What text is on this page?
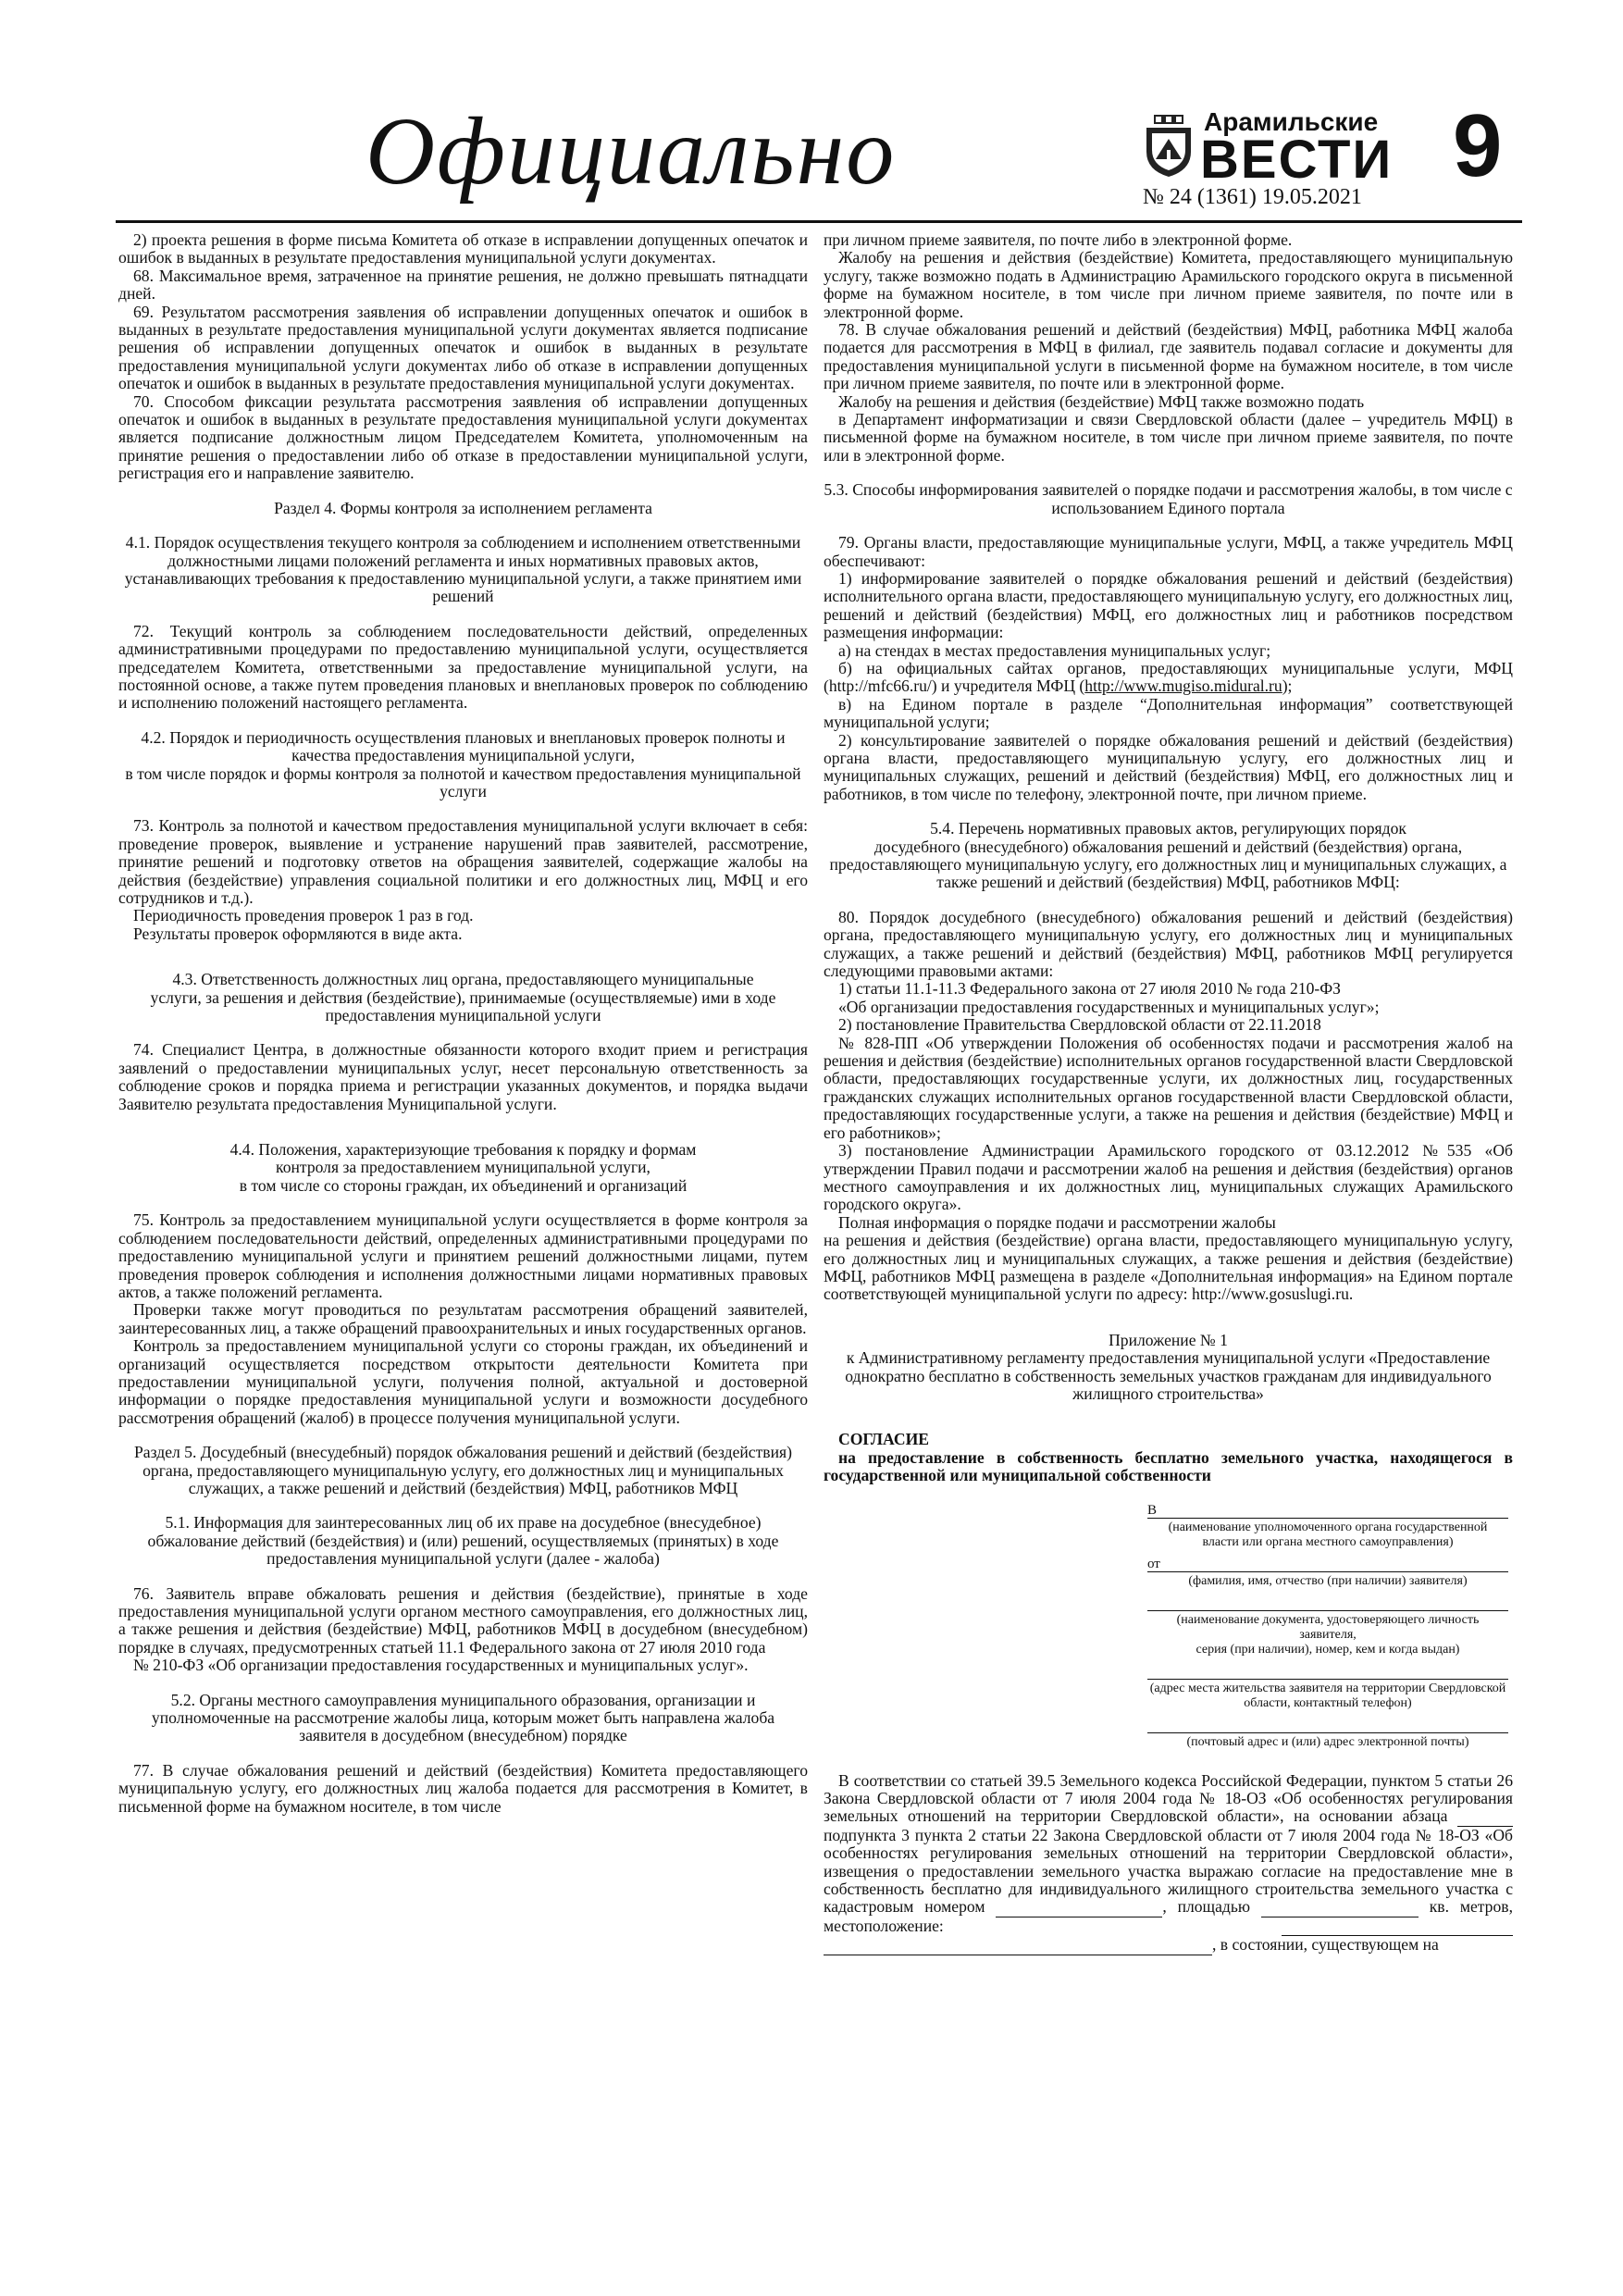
Официально	Арамильские
ВЕСТИ
№ 24 (1361) 19.05.2021
9

2) проекта решения в форме письма Комитета об отказе в исправлении допущенных опечаток и ошибок в выданных в результате предоставления муниципальной услуги документах.

68. Максимальное время, затраченное на принятие решения, не должно превышать пятнадцати дней.

69. Результатом рассмотрения заявления об исправлении допущенных опечаток и ошибок в выданных в результате предоставления муниципальной услуги документах является подписание решения об исправлении допущенных опечаток и ошибок в выданных в результате предоставления муниципальной услуги документах либо об отказе в исправлении допущенных опечаток и ошибок в выданных в результате предоставления муниципальной услуги документах.

70. Способом фиксации результата рассмотрения заявления об исправлении допущенных опечаток и ошибок в выданных в результате предоставления муниципальной услуги документах является подписание должностным лицом Председателем Комитета, уполномоченным на принятие решения о предоставлении либо об отказе в предоставлении муниципальной услуги, регистрация его и направление заявителю.

Раздел 4. Формы контроля за исполнением регламента

4.1. Порядок осуществления текущего контроля за соблюдением и исполнением ответственными должностными лицами положений регламента и иных нормативных правовых актов, устанавливающих требования к предоставлению муниципальной услуги, а также принятием ими решений

72. Текущий контроль за соблюдением последовательности действий, определенных административными процедурами по предоставлению муниципальной услуги, осуществляется председателем Комитета, ответственными за предоставление муниципальной услуги, на постоянной основе, а также путем проведения плановых и внеплановых проверок по соблюдению и исполнению положений настоящего регламента.

4.2. Порядок и периодичность осуществления плановых и внеплановых проверок полноты и качества предоставления муниципальной услуги,

в том числе порядок и формы контроля за полнотой и качеством предоставления муниципальной услуги

73. Контроль за полнотой и качеством предоставления муниципальной услуги включает в себя: проведение проверок, выявление и устранение нарушений прав заявителей, рассмотрение, принятие решений и подготовку ответов на обращения заявителей, содержащие жалобы на действия (бездействие) управления социальной политики и его должностных лиц, МФЦ и его сотрудников и т.д.).

Периодичность проведения проверок 1 раз в год.

Результаты проверок оформляются в виде акта.

4.3. Ответственность должностных лиц органа, предоставляющего муниципальные

услуги, за решения и действия (бездействие), принимаемые (осуществляемые) ими в ходе предоставления муниципальной услуги

74. Специалист Центра, в должностные обязанности которого входит прием и регистрация заявлений о предоставлении муниципальных услуг, несет персональную ответственность за соблюдение сроков и порядка приема и регистрации указанных документов, и порядка выдачи Заявителю результата предоставления Муниципальной услуги.

4.4. Положения, характеризующие требования к порядку и формам

контроля за предоставлением муниципальной услуги,

в том числе со стороны граждан, их объединений и организаций

75. Контроль за предоставлением муниципальной услуги осуществляется в форме контроля за соблюдением последовательности действий, определенных административными процедурами по предоставлению муниципальной услуги и принятием решений должностными лицами, путем проведения проверок соблюдения и исполнения должностными лицами нормативных правовых актов, а также положений регламента.

Проверки также могут проводиться по результатам рассмотрения обращений заявителей, заинтересованных лиц, а также обращений правоохранительных и иных государственных органов.

Контроль за предоставлением муниципальной услуги со стороны граждан, их объединений и организаций осуществляется посредством открытости деятельности Комитета при предоставлении муниципальной услуги, получения полной, актуальной и достоверной информации о порядке предоставления муниципальной услуги и возможности досудебного рассмотрения обращений (жалоб) в процессе получения муниципальной услуги.

Раздел 5. Досудебный (внесудебный) порядок обжалования решений и действий (бездействия) органа, предоставляющего муниципальную услугу, его должностных лиц и муниципальных служащих, а также решений и действий (бездействия) МФЦ, работников МФЦ

5.1. Информация для заинтересованных лиц об их праве на досудебное (внесудебное) обжалование действий (бездействия) и (или) решений, осуществляемых (принятых) в ходе предоставления муниципальной услуги (далее - жалоба)

76. Заявитель вправе обжаловать решения и действия (бездействие), принятые в ходе предоставления муниципальной услуги органом местного самоуправления, его должностных лиц, а также решения и действия (бездействие) МФЦ, работников МФЦ в досудебном (внесудебном) порядке в случаях, предусмотренных статьей 11.1 Федерального закона от 27 июля 2010 года

№ 210-ФЗ «Об организации предоставления государственных и муниципальных услуг».

5.2. Органы местного самоуправления муниципального образования, организации и уполномоченные на рассмотрение жалобы лица, которым может быть направлена жалоба заявителя в досудебном (внесудебном) порядке

77. В случае обжалования решений и действий (бездействия) Комитета предоставляющего муниципальную услугу, его должностных лиц жалоба подается для рассмотрения в Комитет, в письменной форме на бумажном носителе, в том числе

при личном приеме заявителя, по почте либо в электронной форме.

Жалобу на решения и действия (бездействие) Комитета, предоставляющего муниципальную услугу, также возможно подать в Администрацию Арамильского городского округа в письменной форме на бумажном носителе, в том числе при личном приеме заявителя, по почте или в электронной форме.

78. В случае обжалования решений и действий (бездействия) МФЦ, работника МФЦ жалоба подается для рассмотрения в МФЦ в филиал, где заявитель подавал согласие и документы для предоставления муниципальной услуги в письменной форме на бумажном носителе, в том числе при личном приеме заявителя, по почте или в электронной форме.

Жалобу на решения и действия (бездействие) МФЦ также возможно подать

в Департамент информатизации и связи Свердловской области (далее – учредитель МФЦ) в письменной форме на бумажном носителе, в том числе при личном приеме заявителя, по почте или в электронной форме.

5.3. Способы информирования заявителей о порядке подачи и рассмотрения жалобы, в том числе с использованием Единого портала

79. Органы власти, предоставляющие муниципальные услуги, МФЦ, а также учредитель МФЦ обеспечивают:

1) информирование заявителей о порядке обжалования решений и действий (бездействия) исполнительного органа власти, предоставляющего муниципальную услугу, его должностных лиц, решений и действий (бездействия) МФЦ, его должностных лиц и работников посредством размещения информации:

а) на стендах в местах предоставления муниципальных услуг;

б) на официальных сайтах органов, предоставляющих муниципальные услуги, МФЦ (http://mfc66.ru/) и учредителя МФЦ (http://www.mugiso.midural.ru);

в) на Едином портале в разделе “Дополнительная информация” соответствующей муниципальной услуги;

2) консультирование заявителей о порядке обжалования решений и действий (бездействия) органа власти, предоставляющего муниципальную услугу, его должностных лиц и муниципальных служащих, решений и действий (бездействия) МФЦ, его должностных лиц и работников, в том числе по телефону, электронной почте, при личном приеме.

5.4. Перечень нормативных правовых актов, регулирующих порядок

досудебного (внесудебного) обжалования решений и действий (бездействия) органа, предоставляющего муниципальную услугу, его должностных лиц и муниципальных служащих, а также решений и действий (бездействия) МФЦ, работников МФЦ:

80. Порядок досудебного (внесудебного) обжалования решений и действий (бездействия) органа, предоставляющего муниципальную услугу, его должностных лиц и муниципальных служащих, а также решений и действий (бездействия) МФЦ, работников МФЦ регулируется следующими правовыми актами:

1) статьи 11.1-11.3 Федерального закона от 27 июля 2010 № года 210-ФЗ

«Об организации предоставления государственных и муниципальных услуг»;

2) постановление Правительства Свердловской области от 22.11.2018

№ 828-ПП «Об утверждении Положения об особенностях подачи и рассмотрения жалоб на решения и действия (бездействие) исполнительных органов государственной власти Свердловской области, предоставляющих государственные услуги, их должностных лиц, государственных гражданских служащих исполнительных органов государственной власти Свердловской области, предоставляющих государственные услуги, а также на решения и действия (бездействие) МФЦ и его работников»;

3) постановление Администрации Арамильского городского от 03.12.2012 №535 «Об утверждении Правил подачи и рассмотрении жалоб на решения и действия (бездействия) органов местного самоуправления и их должностных лиц, муниципальных служащих Арамильского городского округа».

Полная информация о порядке подачи и рассмотрении жалобы

на решения и действия (бездействие) органа власти, предоставляющего муниципальную услугу, его должностных лиц и муниципальных служащих, а также решения и действия (бездействие) МФЦ, работников МФЦ размещена в разделе «Дополнительная информация» на Едином портале соответствующей муниципальной услуги по адресу: http://www.gosuslugi.ru.

Приложение № 1

к Административному регламенту предоставления муниципальной услуги «Предоставление однократно бесплатно в собственность земельных участков гражданам для индивидуального жилищного строительства»

СОГЛАСИЕ

на предоставление в собственность бесплатно земельного участка, находящегося в государственной или муниципальной собственности

В
(наименование уполномоченного органа государственной
власти или органа местного самоуправления)
от
(фамилия, имя, отчество (при наличии) заявителя)
(наименование документа, удостоверяющего личность заявителя,
серия (при наличии), номер, кем и когда выдан)
(адрес места жительства заявителя на территории Свердловской области, контактный телефон)
(почтовый адрес и (или) адрес электронной почты)

В соответствии со статьей 39.5 Земельного кодекса Российской Федерации, пунктом 5 статьи 26 Закона Свердловской области от 7 июля 2004 года № 18-ОЗ «Об особенностях регулирования земельных отношений на территории Свердловской области», на основании абзаца   подпункта 3 пункта 2 статьи 22 Закона Свердловской области от 7 июля 2004 года № 18-ОЗ «Об особенностях регулирования земельных отношений на территории Свердловской области», извещения о предоставлении земельного участка выражаю согласие на предоставление мне в собственность бесплатно для индивидуального жилищного строительства земельного участка с кадастровым номером	, площадью	кв. метров, местоположение:    , в состоянии, существующем на
